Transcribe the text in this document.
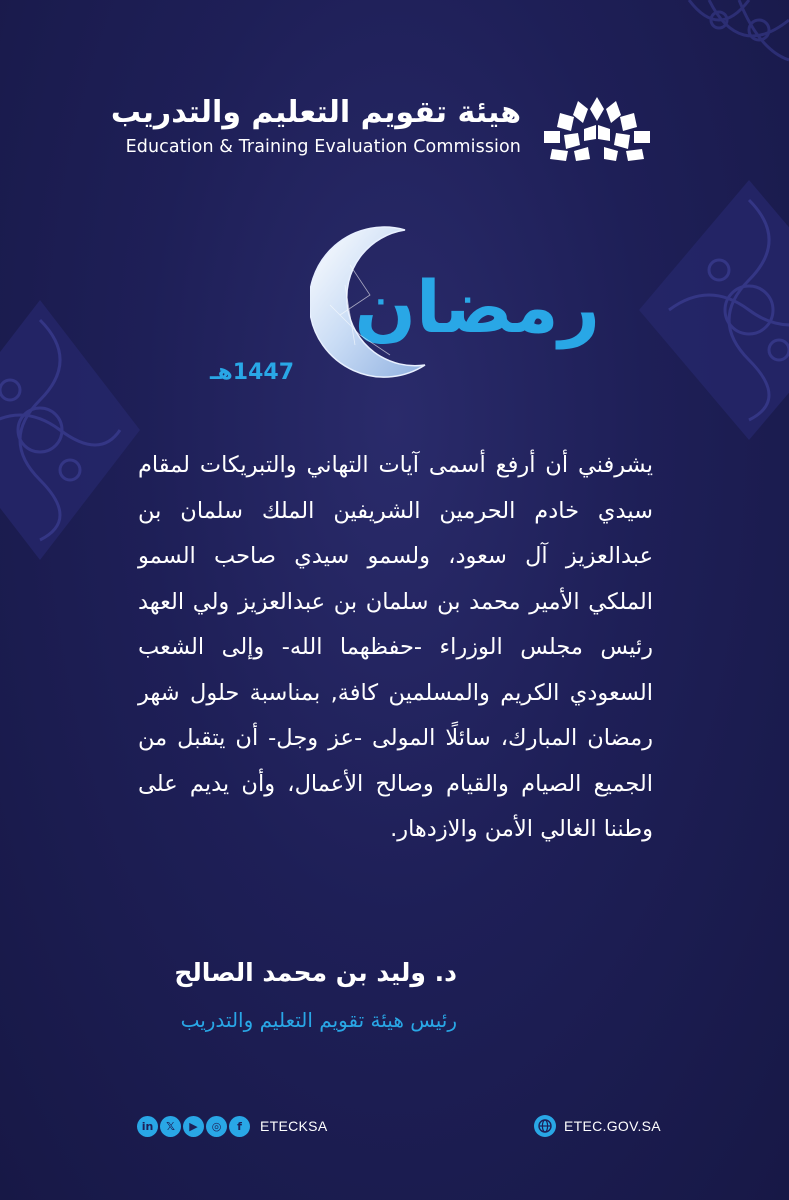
هيئة تقويم التعليم والتدريب
Education & Training Evaluation Commission
رمضان
1447هـ
يشرفني أن أرفع أسمى آيات التهاني والتبريكات لمقام سيدي خادم الحرمين الشريفين الملك سلمان بن عبدالعزيز آل سعود، ولسمو سيدي صاحب السمو الملكي الأمير محمد بن سلمان بن عبدالعزيز ولي العهد رئيس مجلس الوزراء -حفظهما الله- وإلى الشعب السعودي الكريم والمسلمين كافة, بمناسبة حلول شهر رمضان المبارك، سائلًا المولى -عز وجل- أن يتقبل من الجميع الصيام والقيام وصالح الأعمال، وأن يديم على وطننا الغالي الأمن والازدهار.
د. وليد بن محمد الصالح
رئيس هيئة تقويم التعليم والتدريب
in	𝕏	▶	◎	f	ETECKSA	ETEC.GOV.SA
